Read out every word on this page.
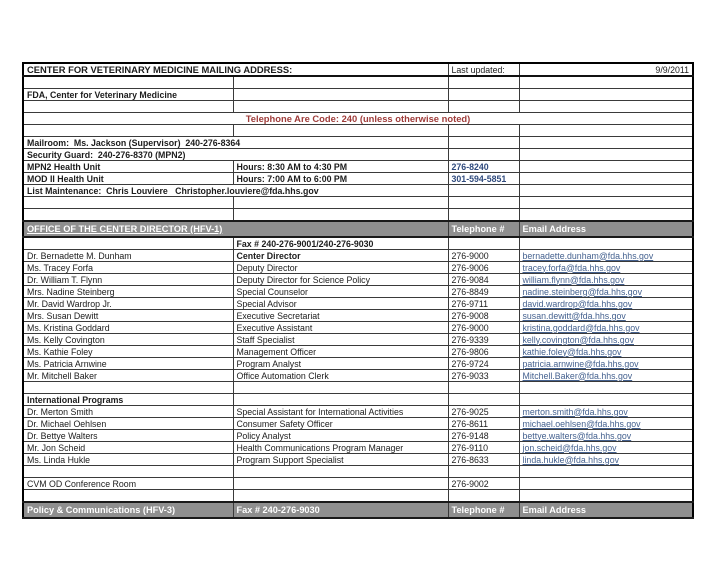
CENTER FOR VETERINARY MEDICINE MAILING ADDRESS:		Last updated:	9/9/2011

FDA, Center for Veterinary Medicine			

Telephone Are Code: 240 (unless otherwise noted)			

Mailroom:  Ms. Jackson (Supervisor)  240-276-8364			
Security Guard:  240-276-8370 (MPN2)			
MPN2 Health Unit	Hours: 8:30 AM to 4:30 PM	276-8240	
MOD II Health Unit	Hours: 7:00 AM to 6:00 PM	301-594-5851	
List Maintenance:  Chris Louviere   Christopher.louviere@fda.hhs.gov			

OFFICE OF THE CENTER DIRECTOR (HFV-1)		Telephone #	Email Address
	Fax # 240-276-9001/240-276-9030		
Dr. Bernadette M. Dunham	Center Director	276-9000	bernadette.dunham@fda.hhs.gov
Ms. Tracey Forfa	Deputy Director	276-9006	tracey.forfa@fda.hhs.gov
Dr. William T. Flynn	Deputy Director for Science Policy	276-9084	william.flynn@fda.hhs.gov
Mrs. Nadine Steinberg	Special Counselor	276-8849	nadine.steinberg@fda.hhs.gov
Mr. David Wardrop Jr.	Special Advisor	276-9711	david.wardrop@fda.hhs.gov
Mrs. Susan Dewitt	Executive Secretariat	276-9008	susan.dewitt@fda.hhs.gov
Ms. Kristina Goddard	Executive Assistant	276-9000	kristina.goddard@fda.hhs.gov
Ms. Kelly Covington	Staff Specialist	276-9339	kelly.covington@fda.hhs.gov
Ms. Kathie Foley	Management Officer	276-9806	kathie.foley@fda.hhs.gov
Ms. Patricia Arnwine	Program Analyst	276-9724	patricia.arnwine@fda.hhs.gov
Mr. Mitchell Baker	Office Automation Clerk	276-9033	Mitchell.Baker@fda.hhs.gov

International Programs			
Dr. Merton Smith	Special Assistant for International Activities	276-9025	merton.smith@fda.hhs.gov
Dr. Michael Oehlsen	Consumer Safety Officer	276-8611	michael.oehlsen@fda.hhs.gov
Dr. Bettye Walters	Policy Analyst	276-9148	bettye.walters@fda.hhs.gov
Mr. Jon Scheid	Health Communications Program Manager	276-9110	jon.scheid@fda.hhs.gov
Ms. Linda Hukle	Program Support Specialist	276-8633	linda.hukle@fda.hhs.gov

CVM OD Conference Room		276-9002	

Policy & Communications (HFV-3)	Fax # 240-276-9030	Telephone #	Email Address
